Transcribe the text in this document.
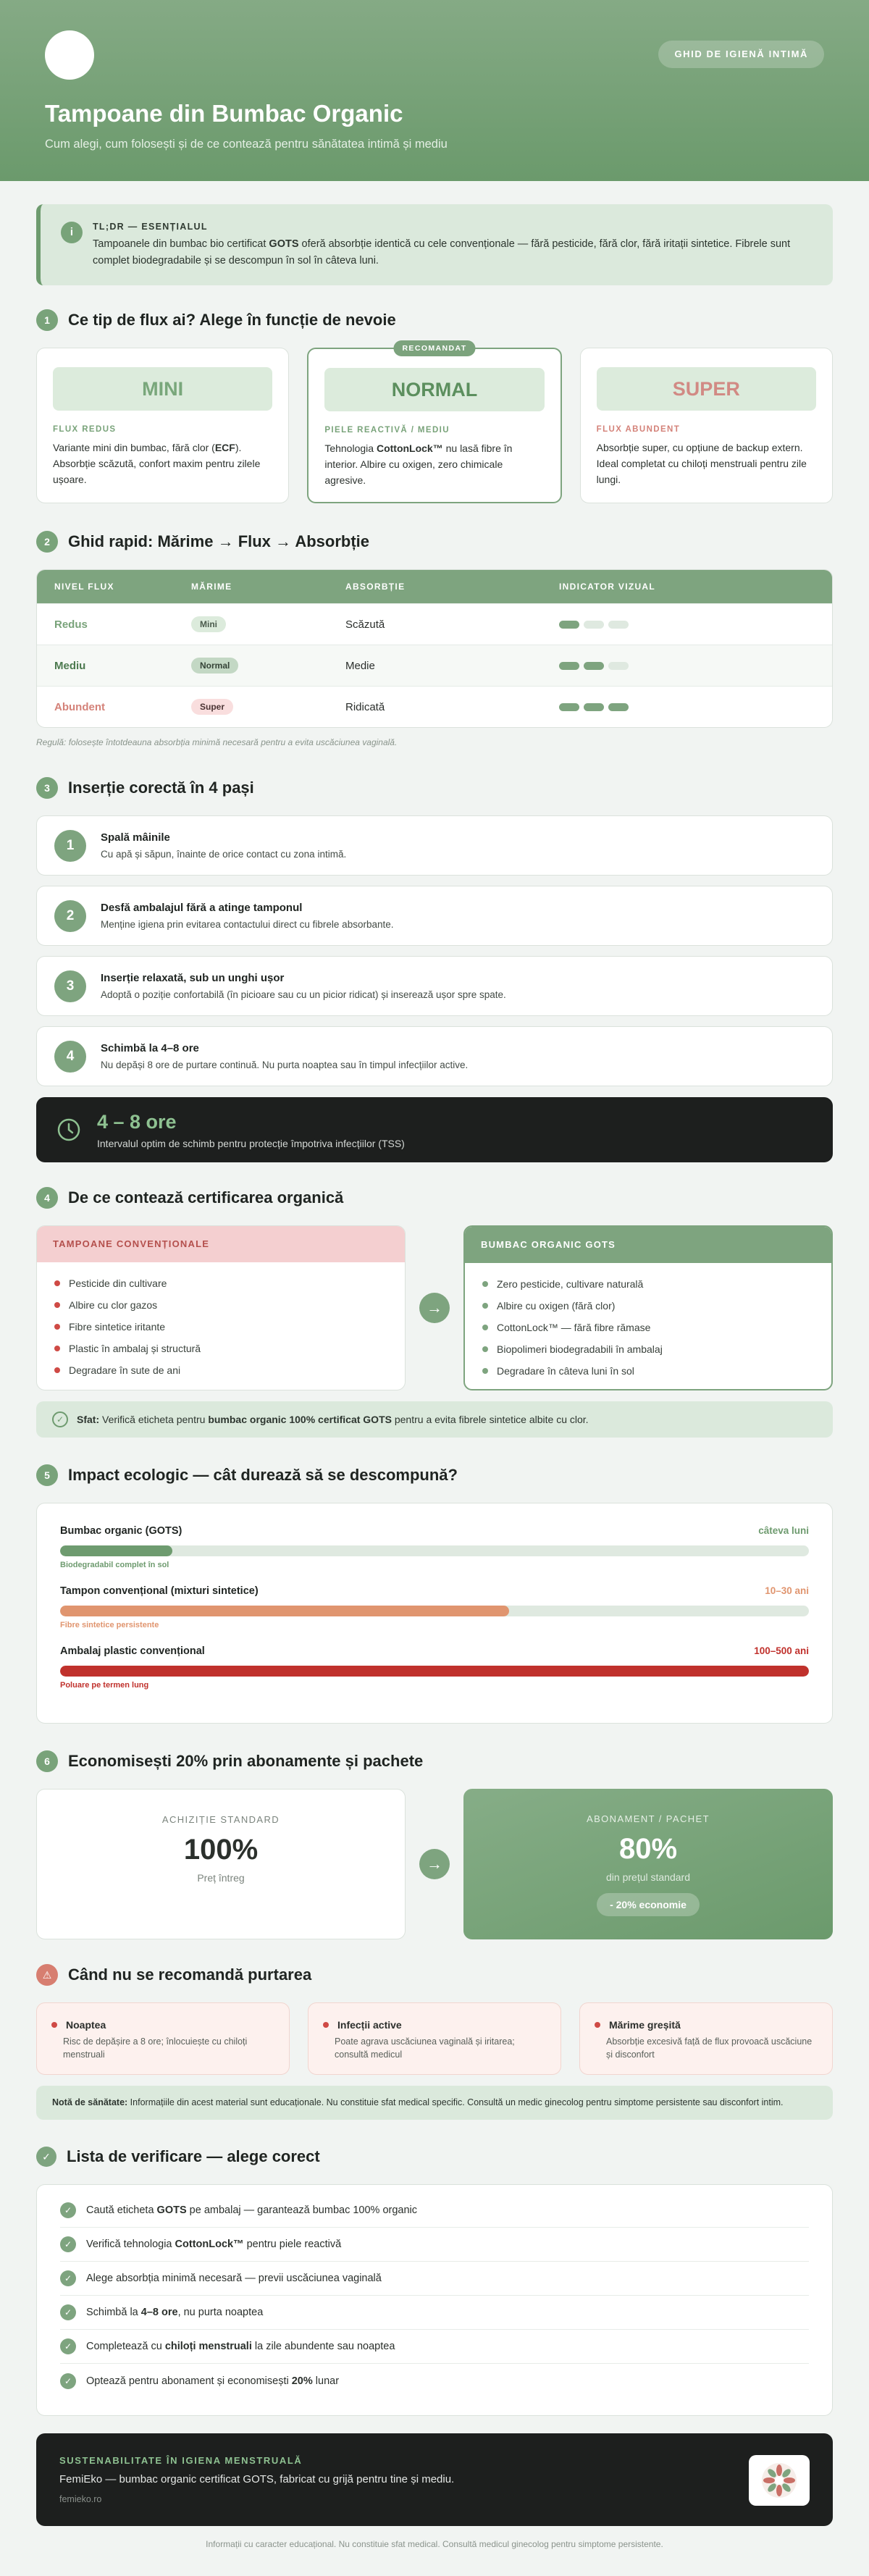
GHID DE IGIENĂ INTIMĂ
Tampoane din Bumbac Organic

Cum alegi, cum folosești și de ce contează pentru sănătatea intimă și mediu

i	TL;DR — ESENȚIALUL
Tampoanele din bumbac bio certificat GOTS oferă absorbție identică cu cele convenționale — fără pesticide, fără clor, fără iritații sintetice. Fibrele sunt complet biodegradabile și se descompun în sol în câteva luni.
1	Ce tip de flux ai? Alege în funcție de nevoie
MINI
FLUX REDUS
Variante mini din bumbac, fără clor (ECF). Absorbție scăzută, confort maxim pentru zilele ușoare.
RECOMANDAT
NORMAL
PIELE REACTIVĂ / MEDIU
Tehnologia CottonLock™ nu lasă fibre în interior. Albire cu oxigen, zero chimicale agresive.
SUPER
FLUX ABUNDENT
Absorbție super, cu opțiune de backup extern. Ideal completat cu chiloți menstruali pentru zile lungi.
2	Ghid rapid: Mărime → Flux → Absorbție
NIVEL FLUX	MĂRIME	ABSORBȚIE	INDICATOR VIZUAL
Redus	Mini	Scăzută
Mediu	Normal	Medie
Abundent	Super	Ridicată
Regulă: folosește întotdeauna absorbția minimă necesară pentru a evita uscăciunea vaginală.
3	Inserție corectă în 4 pași
1	Spală mâinile
Cu apă și săpun, înainte de orice contact cu zona intimă.
2	Desfă ambalajul fără a atinge tamponul
Menține igiena prin evitarea contactului direct cu fibrele absorbante.
3	Inserție relaxată, sub un unghi ușor
Adoptă o poziție confortabilă (în picioare sau cu un picior ridicat) și inserează ușor spre spate.
4	Schimbă la 4–8 ore
Nu depăși 8 ore de purtare continuă. Nu purta noaptea sau în timpul infecțiilor active.
4 – 8 ore
Intervalul optim de schimb pentru protecție împotriva infecțiilor (TSS)
4	De ce contează certificarea organică
TAMPOANE CONVENȚIONALE
Pesticide din cultivare
Albire cu clor gazos
Fibre sintetice iritante
Plastic în ambalaj și structură
Degradare în sute de ani
→
BUMBAC ORGANIC GOTS
Zero pesticide, cultivare naturală
Albire cu oxigen (fără clor)
CottonLock™ — fără fibre rămase
Biopolimeri biodegradabili în ambalaj
Degradare în câteva luni în sol
✓	Sfat: Verifică eticheta pentru bumbac organic 100% certificat GOTS pentru a evita fibrele sintetice albite cu clor.
5	Impact ecologic — cât durează să se descompună?
Bumbac organic (GOTS)	câteva luni
Biodegradabil complet în sol
Tampon convențional (mixturi sintetice)	10–30 ani
Fibre sintetice persistente
Ambalaj plastic convențional	100–500 ani
Poluare pe termen lung
6	Economisești 20% prin abonamente și pachete
ACHIZIȚIE STANDARD
100%
Preț întreg
→
ABONAMENT / PACHET
80%
din prețul standard
- 20% economie
⚠	Când nu se recomandă purtarea
Noaptea
Risc de depășire a 8 ore; înlocuiește cu chiloți menstruali
Infecții active
Poate agrava uscăciunea vaginală și iritarea; consultă medicul
Mărime greșită
Absorbție excesivă față de flux provoacă uscăciune și disconfort
Notă de sănătate: Informațiile din acest material sunt educaționale. Nu constituie sfat medical specific. Consultă un medic ginecolog pentru simptome persistente sau disconfort intim.
✓	Lista de verificare — alege corect
✓	Caută eticheta GOTS pe ambalaj — garantează bumbac 100% organic
✓	Verifică tehnologia CottonLock™ pentru piele reactivă
✓	Alege absorbția minimă necesară — previi uscăciunea vaginală
✓	Schimbă la 4–8 ore, nu purta noaptea
✓	Completează cu chiloți menstruali la zile abundente sau noaptea
✓	Optează pentru abonament și economisești 20% lunar
SUSTENABILITATE ÎN IGIENA MENSTRUALĂ
FemiEko — bumbac organic certificat GOTS, fabricat cu grijă pentru tine și mediu.
femieko.ro
Informații cu caracter educațional. Nu constituie sfat medical. Consultă medicul ginecolog pentru simptome persistente.
